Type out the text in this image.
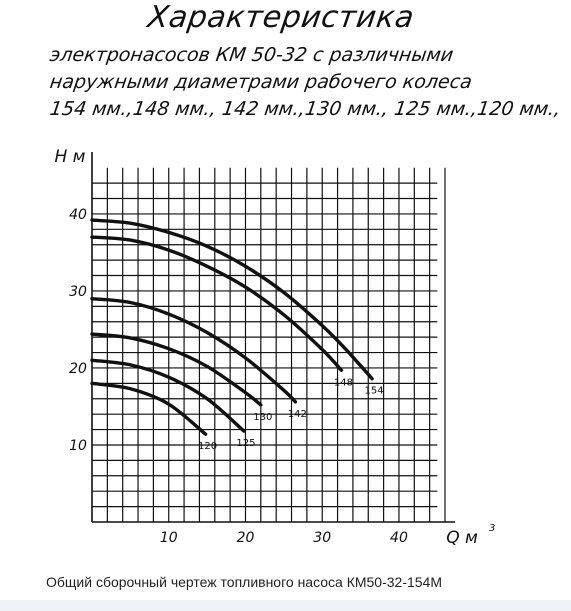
Характеристика
электронасосов КМ 50-32 с различными
наружными диаметрами рабочего колеса
154 мм.,148 мм., 142 мм.,130 мм., 125 мм.,120 мм.,
10
20
30
40
10	20	30	40
Н м
Q м 3
154
148
142
130
125
120
Общий сборочный чертеж топливного насоса КМ50-32-154М
